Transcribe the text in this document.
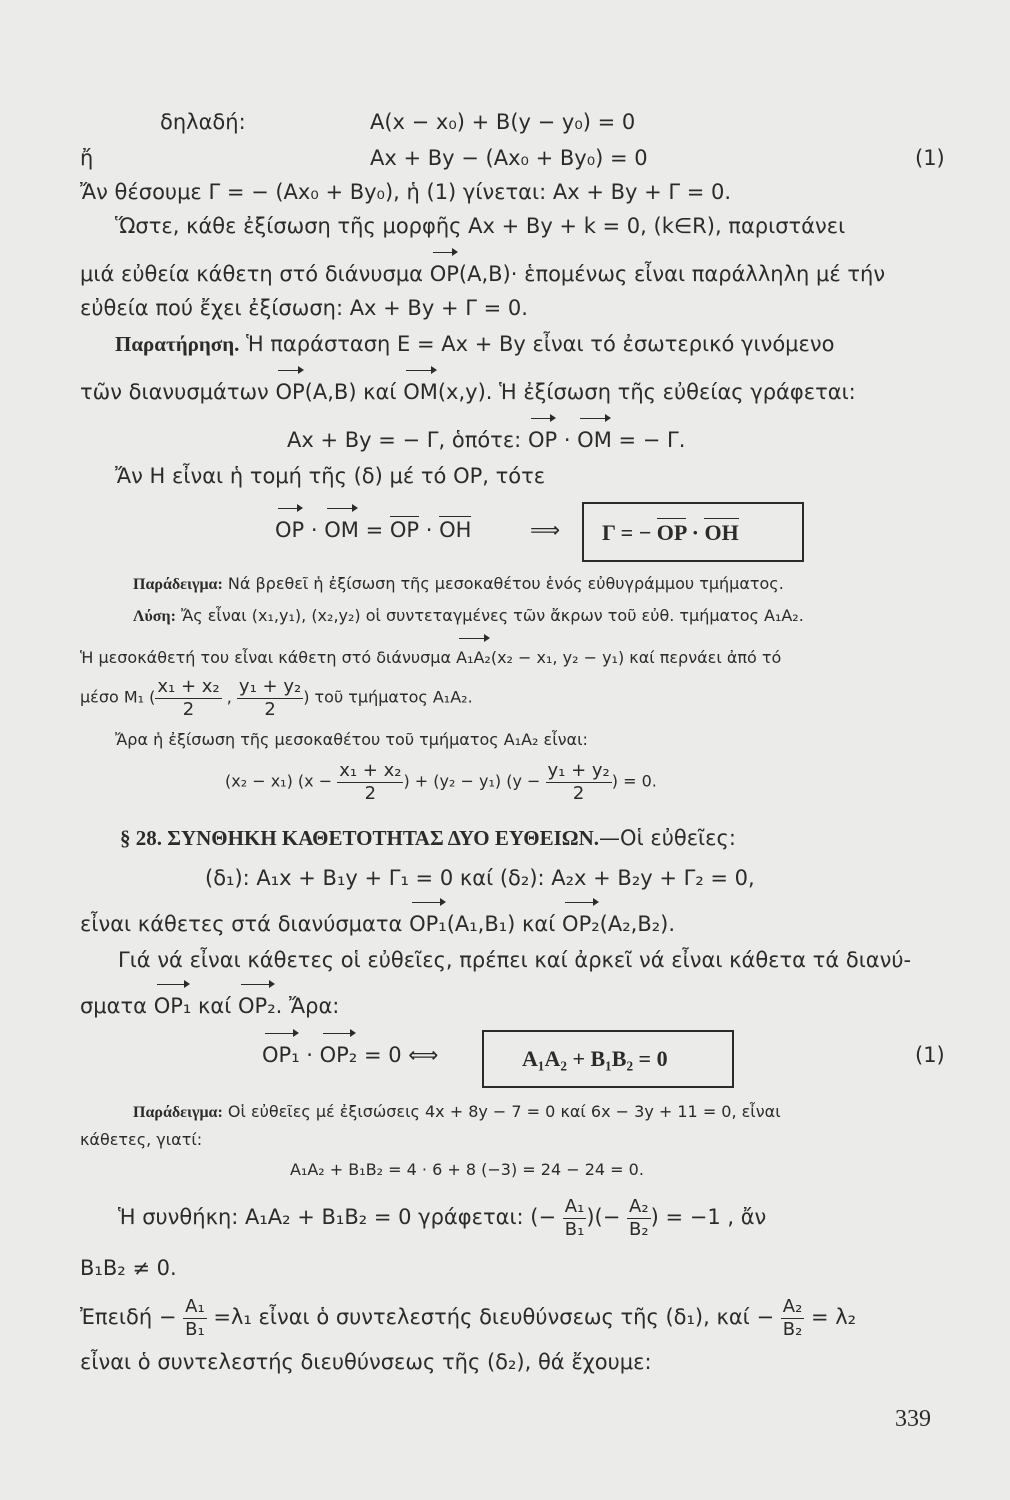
δηλαδή:	A(x − x₀) + B(y − y₀) = 0
ἤ	Ax + By − (Ax₀ + By₀) = 0	(1)
Ἄν θέσουμε Γ = − (Ax₀ + By₀), ἡ (1) γίνεται: Ax + By + Γ = 0.
Ὥστε, κάθε ἐξίσωση τῆς μορφῆς Ax + By + k = 0, (k∈R), παριστάνει
μιά εὐθεία κάθετη στό διάνυσμα OP(A,B)· ἑπομένως εἶναι παράλληλη μέ τήν
εὐθεία πού ἔχει ἐξίσωση: Ax + By + Γ = 0.
Παρατήρηση. Ἡ παράσταση E = Ax + By εἶναι τό ἐσωτερικό γινόμενο
τῶν διανυσμάτων OP(A,B) καί OM(x,y). Ἡ ἐξίσωση τῆς εὐθείας γράφεται:
Ax + By = − Γ, ὁπότε: OP · OM = − Γ.
Ἄν H εἶναι ἡ τομή τῆς (δ) μέ τό OP, τότε
OP · OM = OP · OH	⟹ Γ = − OP · OH
Παράδειγμα: Νά βρεθεῖ ἡ ἐξίσωση τῆς μεσοκαθέτου ἑνός εὐθυγράμμου τμήματος.
Λύση: Ἄς εἶναι (x₁,y₁), (x₂,y₂) οἱ συντεταγμένες τῶν ἄκρων τοῦ εὐθ. τμήματος A₁A₂.
Ἡ μεσοκάθετή του εἶναι κάθετη στό διάνυσμα A₁A₂(x₂ − x₁, y₂ − y₁) καί περνάει ἀπό τό
μέσο M₁ ( $\frac{\text{x₁ + x₂}}{2}$ , $\frac{\text{y₁ + y₂}}{2}$ ) τοῦ τμήματος A₁A₂.
Ἄρα ἡ ἐξίσωση τῆς μεσοκαθέτου τοῦ τμήματος A₁A₂ εἶναι:
(x₂ − x₁) ($x - \frac{\text{x₁ + x₂}}{2}$ ) + (y₂ − y₁) ($y - \frac{\text{y₁ + y₂}}{2}$ ) = 0.
§ 28. ΣΥΝΘΗΚΗ ΚΑΘΕΤΟΤΗΤΑΣ ΔΥΟ ΕΥΘΕΙΩΝ.—Οἱ εὐθεῖες:
(δ₁): A₁x + B₁y + Γ₁ = 0 καί (δ₂): A₂x + B₂y + Γ₂ = 0,
εἶναι κάθετες στά διανύσματα OP₁(A₁,B₁) καί OP₂(A₂,B₂).
Γιά νά εἶναι κάθετες οἱ εὐθεῖες, πρέπει καί ἀρκεῖ νά εἶναι κάθετα τά διανύ-
σματα OP₁ καί OP₂. Ἄρα:
OP₁ · OP₂ = 0 ⟺	A₁A₂ + B₁B₂ = 0	(1)
Παράδειγμα: Οἱ εὐθεῖες μέ ἐξισώσεις 4x + 8y − 7 = 0 καί 6x − 3y + 11 = 0, εἶναι
κάθετες, γιατί:
A₁A₂ + B₁B₂ = 4 · 6 + 8 (−3) = 24 − 24 = 0.
Ἡ συνθήκη: A₁A₂ + B₁B₂ = 0 γράφεται: (− $\frac{\text{A₁}}{\text{B₁}}$ )(− $\frac{\text{A₂}}{\text{B₂}}$ ) = −1 , ἄν
B₁B₂ ≠ 0.
Ἐπειδή − $\frac{\text{A₁}}{\text{B₁}} =\lambda_1$ εἶναι ὁ συντελεστής διευθύνσεως τῆς (δ₁), $\kappa\alpha ί - \frac{\text{A₂}}{\text{B₂}} = \lambda_2$
εἶναι ὁ συντελεστής διευθύνσεως τῆς (δ₂), θά ἔχουμε:
339
